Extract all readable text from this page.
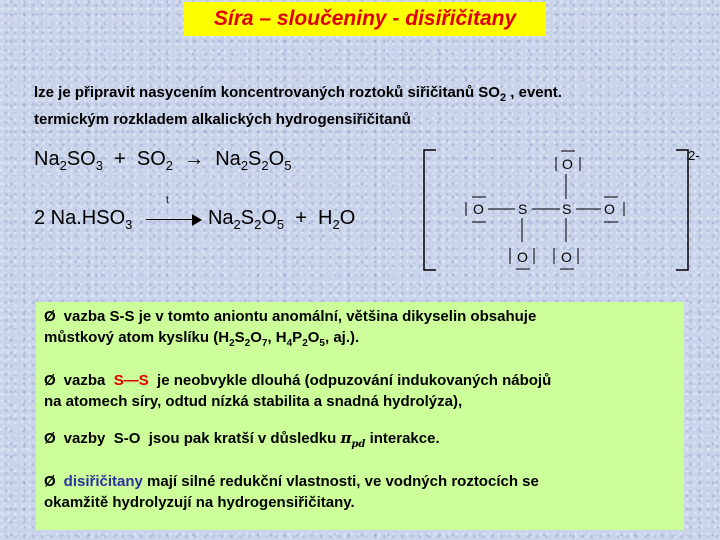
Síra – sloučeniny - disiřičitany
lze je připravit nasycením koncentrovaných roztoků siřičitanů $SO_2$ , event.
termickým rozkladem alkalických hydrogensiřičitanů
$Na_2SO_3 + SO_2 \to Na_2S_2O_5$
2 $Na.HSO_3$
t
$Na_2S_2O_5 + H_2O$
2-
O
O S S O
O O
Ø vazba S-S je v tomto aniontu anomální, většina dikyselin obsahuje
můstkový atom kyslíku ($H_2S_2O_7$, $H_4P_2O_5$, aj.).
Ø vazba  S—S  je neobvykle dlouhá (odpuzování indukovaných nábojů
na atomech síry, odtud nízká stabilita a snadná hydrolýza),
Ø vazby  S-O  jsou pak kratší v důsledku $\pi_{pd}$ interakce.
Ø disiřičitany mají silné redukční vlastnosti, ve vodných roztocích se
okamžitě hydrolyzují na hydrogensiřičitany.
